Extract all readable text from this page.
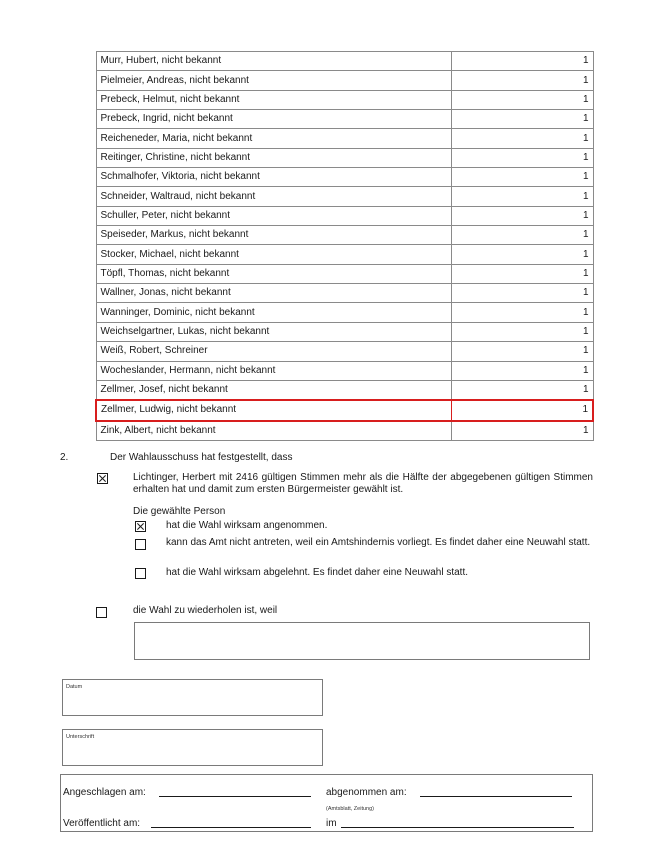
Murr, Hubert, nicht bekannt	1
Pielmeier, Andreas, nicht bekannt	1
Prebeck, Helmut, nicht bekannt	1
Prebeck, Ingrid, nicht bekannt	1
Reicheneder, Maria, nicht bekannt	1
Reitinger, Christine, nicht bekannt	1
Schmalhofer, Viktoria, nicht bekannt	1
Schneider, Waltraud, nicht bekannt	1
Schuller, Peter, nicht bekannt	1
Speiseder, Markus, nicht bekannt	1
Stocker, Michael, nicht bekannt	1
Töpfl, Thomas, nicht bekannt	1
Wallner, Jonas, nicht bekannt	1
Wanninger, Dominic, nicht bekannt	1
Weichselgartner, Lukas, nicht bekannt	1
Weiß, Robert, Schreiner	1
Wocheslander, Hermann, nicht bekannt	1
Zellmer, Josef, nicht bekannt	1
Zellmer, Ludwig, nicht bekannt	1
Zink, Albert, nicht bekannt	1
2.	Der Wahlausschuss hat festgestellt, dass
Lichtinger, Herbert mit 2416 gültigen Stimmen mehr als die Hälfte der abgegebenen gültigen Stimmen erhalten hat und damit zum ersten Bürgermeister gewählt ist.
Die gewählte Person
hat die Wahl wirksam angenommen.
kann das Amt nicht antreten, weil ein Amtshindernis vorliegt. Es findet daher eine Neuwahl statt.
hat die Wahl wirksam abgelehnt. Es findet daher eine Neuwahl statt.
die Wahl zu wiederholen ist, weil
Datum
Unterschrift
Angeschlagen am:	abgenommen am:
(Amtsblatt, Zeitung)
Veröffentlicht am:	im
